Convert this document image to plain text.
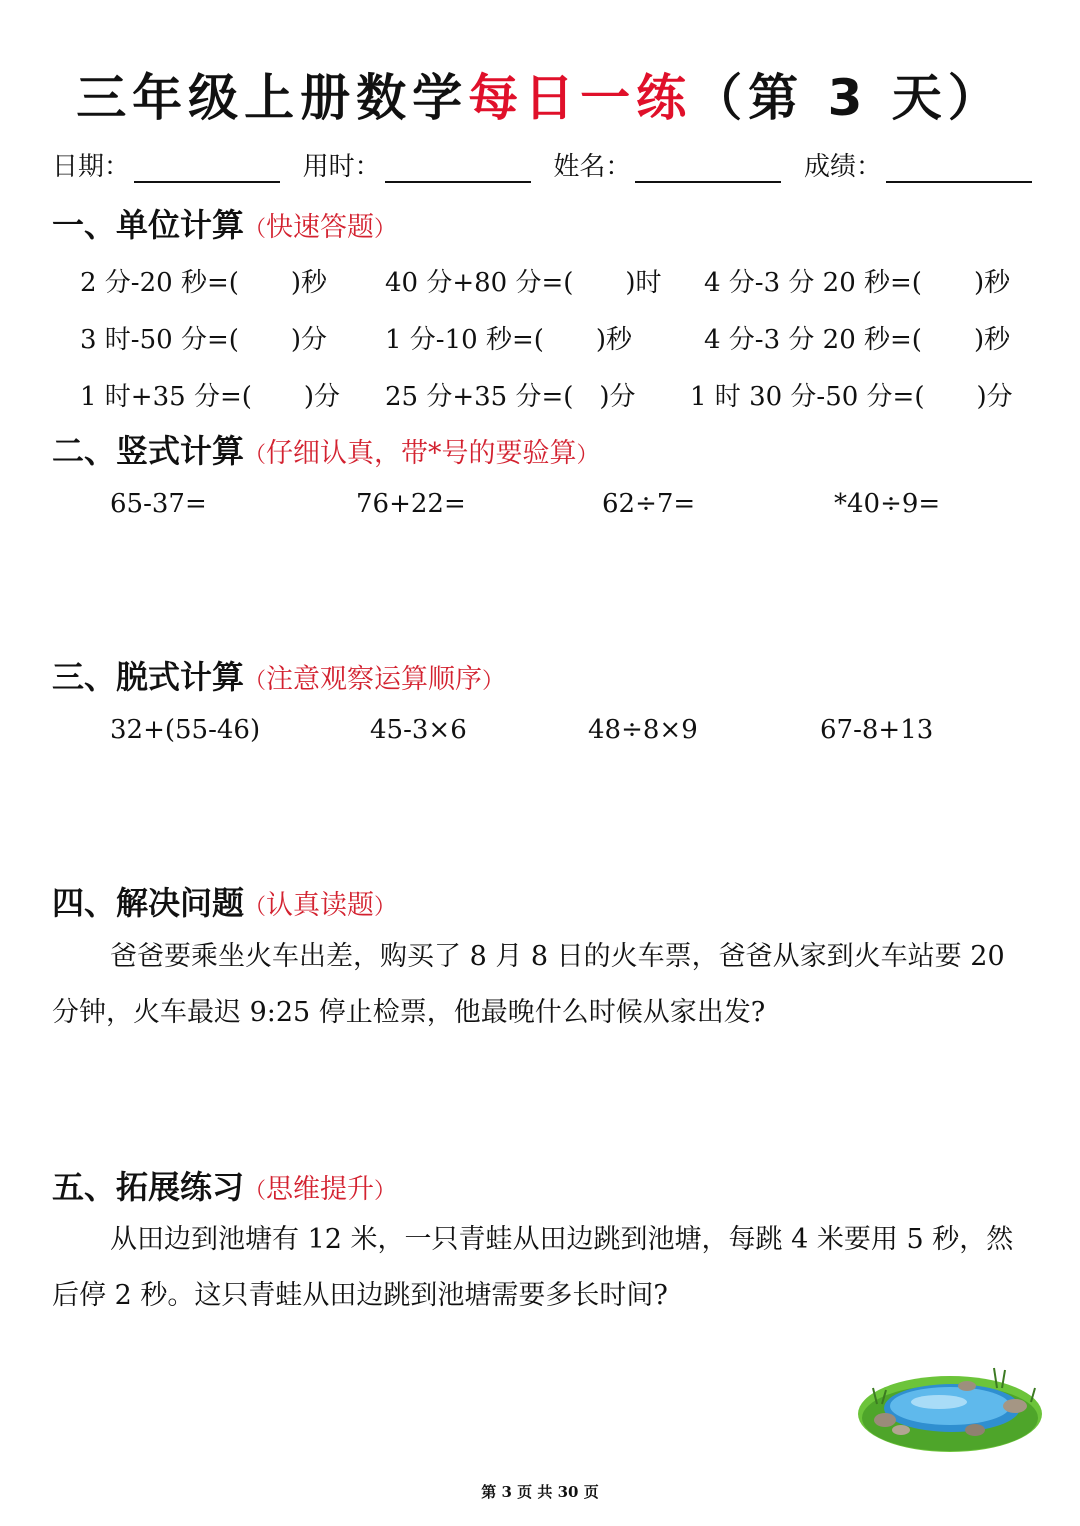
三年级上册数学每日一练（第 3 天）
日期：	用时：	姓名：	成绩：
一、单位计算（快速答题）
2 分-20 秒=(　　)秒 40 分+80 分=(　　)时 4 分-3 分 20 秒=(　　)秒
3 时-50 分=(　　)分 1 分-10 秒=(　　)秒	4 分-3 分 20 秒=(　　)秒
1 时+35 分=(　　)分 25 分+35 分=(　)分 1 时 30 分-50 分=(　　)分
二、竖式计算（仔细认真，带*号的要验算）
65-37=	76+22=	62÷7=	*40÷9=
三、脱式计算（注意观察运算顺序）
32+(55-46)	45-3×6	48÷8×9	67-8+13
四、解决问题（认真读题）
爸爸要乘坐火车出差，购买了 8 月 8 日的火车票，爸爸从家到火车站要 20 分钟，火车最迟 9:25 停止检票，他最晚什么时候从家出发?
五、拓展练习（思维提升）
从田边到池塘有 12 米，一只青蛙从田边跳到池塘，每跳 4 米要用 5 秒，然后停 2 秒。这只青蛙从田边跳到池塘需要多长时间?
第 3 页 共 30 页
